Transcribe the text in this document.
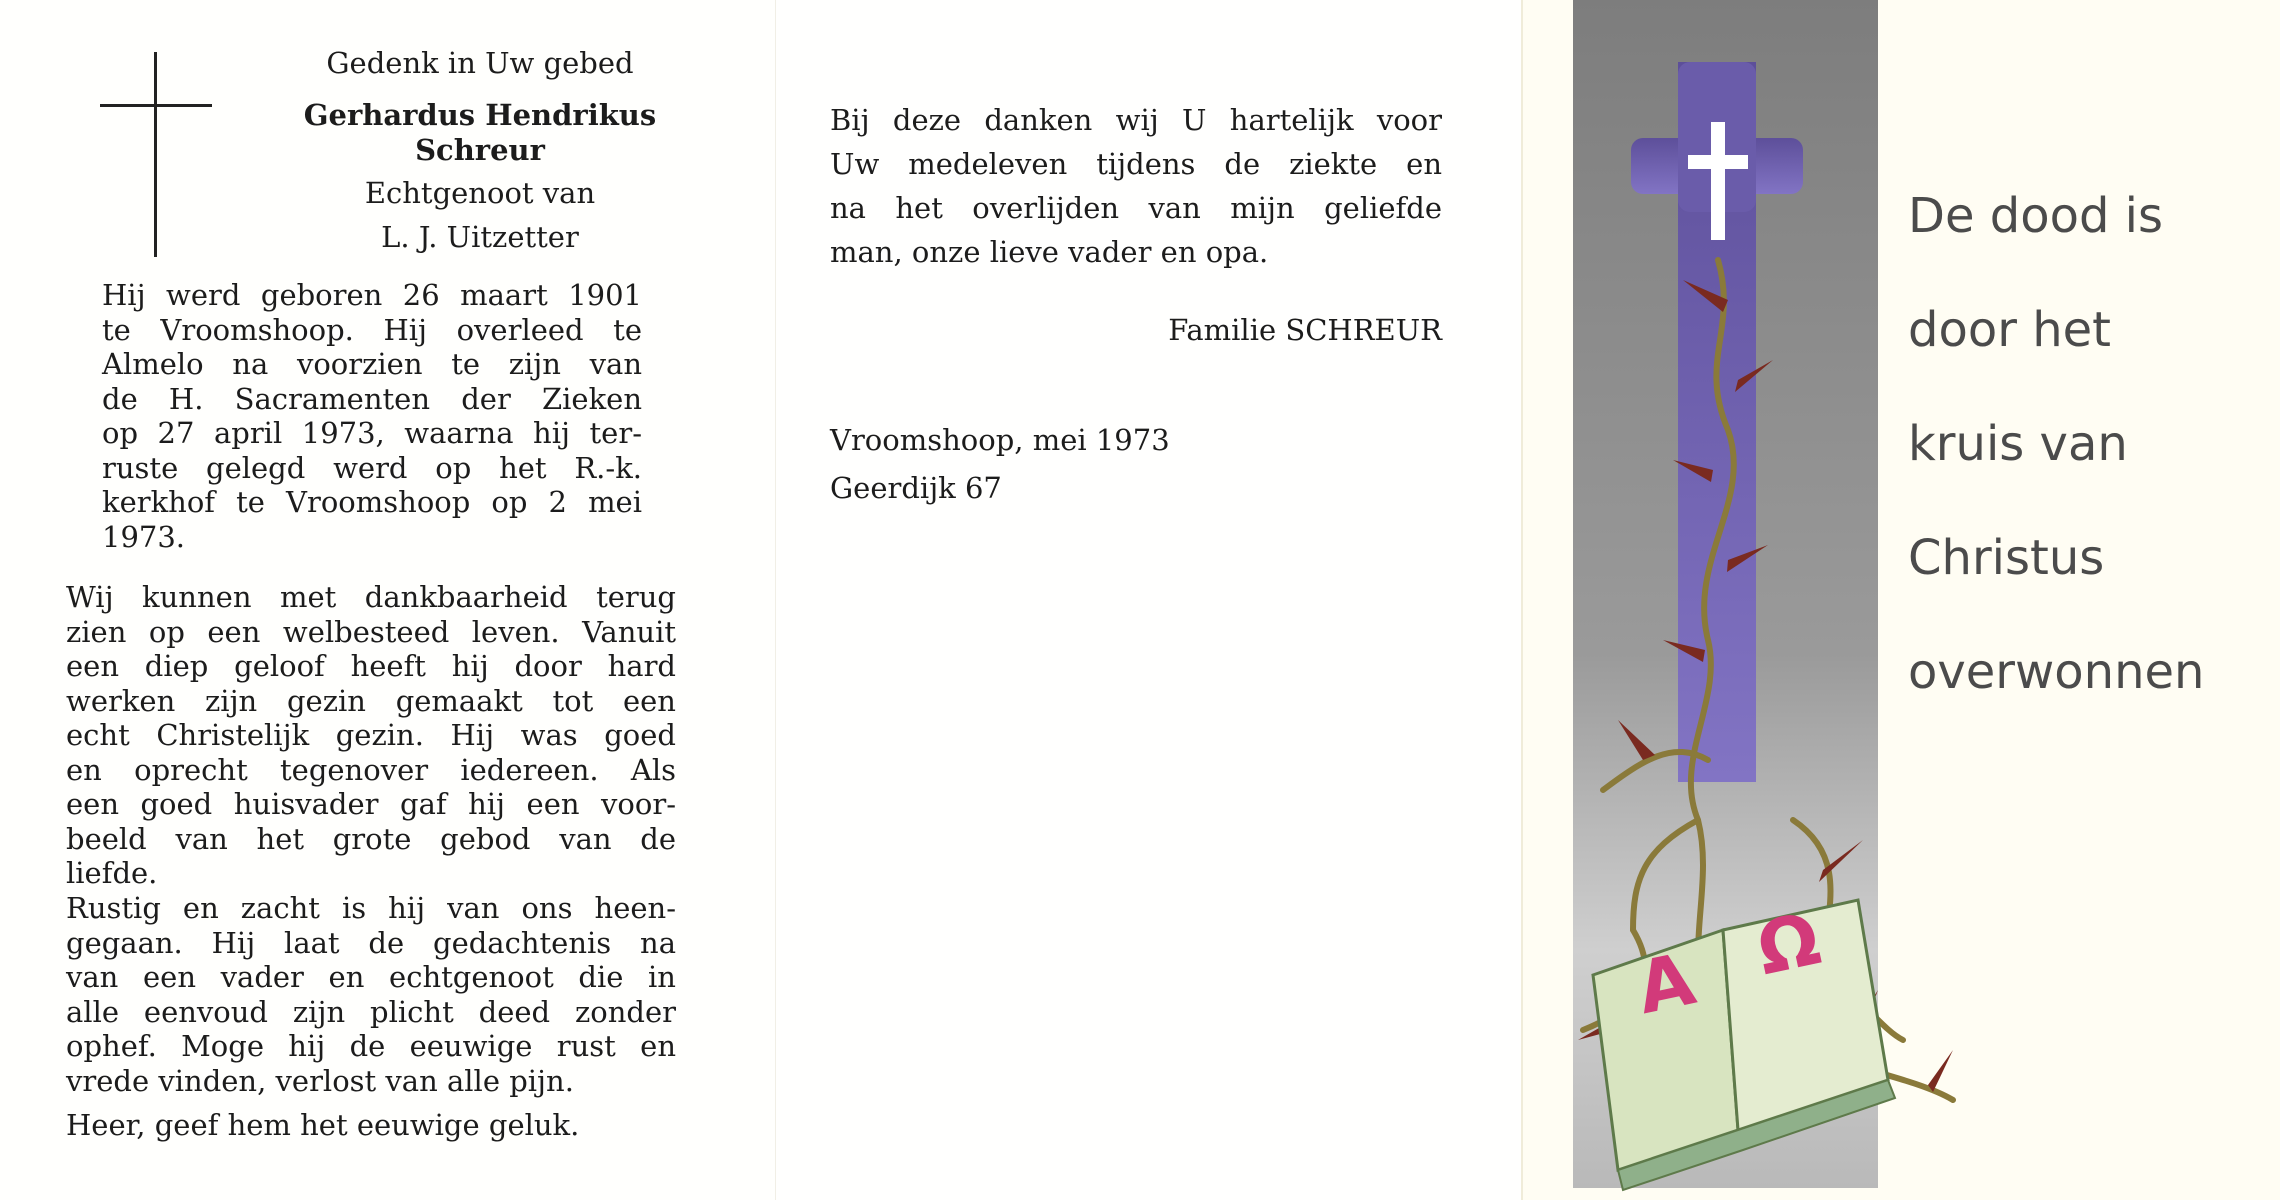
Gedenk in Uw gebed

Gerhardus Hendrikus

Schreur

Echtgenoot van

L. J. Uitzetter

Hij werd geboren 26 maart 1901
te Vroomshoop. Hij overleed te
Almelo na voorzien te zijn van
de H. Sacramenten der Zieken
op 27 april 1973, waarna hij ter-
ruste gelegd werd op het R.-k.
kerkhof te Vroomshoop op 2 mei
1973.
Wij kunnen met dankbaarheid terug
zien op een welbesteed leven. Vanuit
een diep geloof heeft hij door hard
werken zijn gezin gemaakt tot een
echt Christelijk gezin. Hij was goed
en oprecht tegenover iedereen. Als
een goed huisvader gaf hij een voor-
beeld van het grote gebod van de
liefde.
Rustig en zacht is hij van ons heen-
gegaan. Hij laat de gedachtenis na
van een vader en echtgenoot die in
alle eenvoud zijn plicht deed zonder
ophef. Moge hij de eeuwige rust en
vrede vinden, verlost van alle pijn.

Heer, geef hem het eeuwige geluk.

Bij deze danken wij U hartelijk voor
Uw medeleven tijdens de ziekte en
na het overlijden van mijn geliefde
man, onze lieve vader en opa.

Familie SCHREUR

Vroomshoop, mei 1973

Geerdijk 67

A Ω
De dood is
door het
kruis van
Christus
overwonnen
